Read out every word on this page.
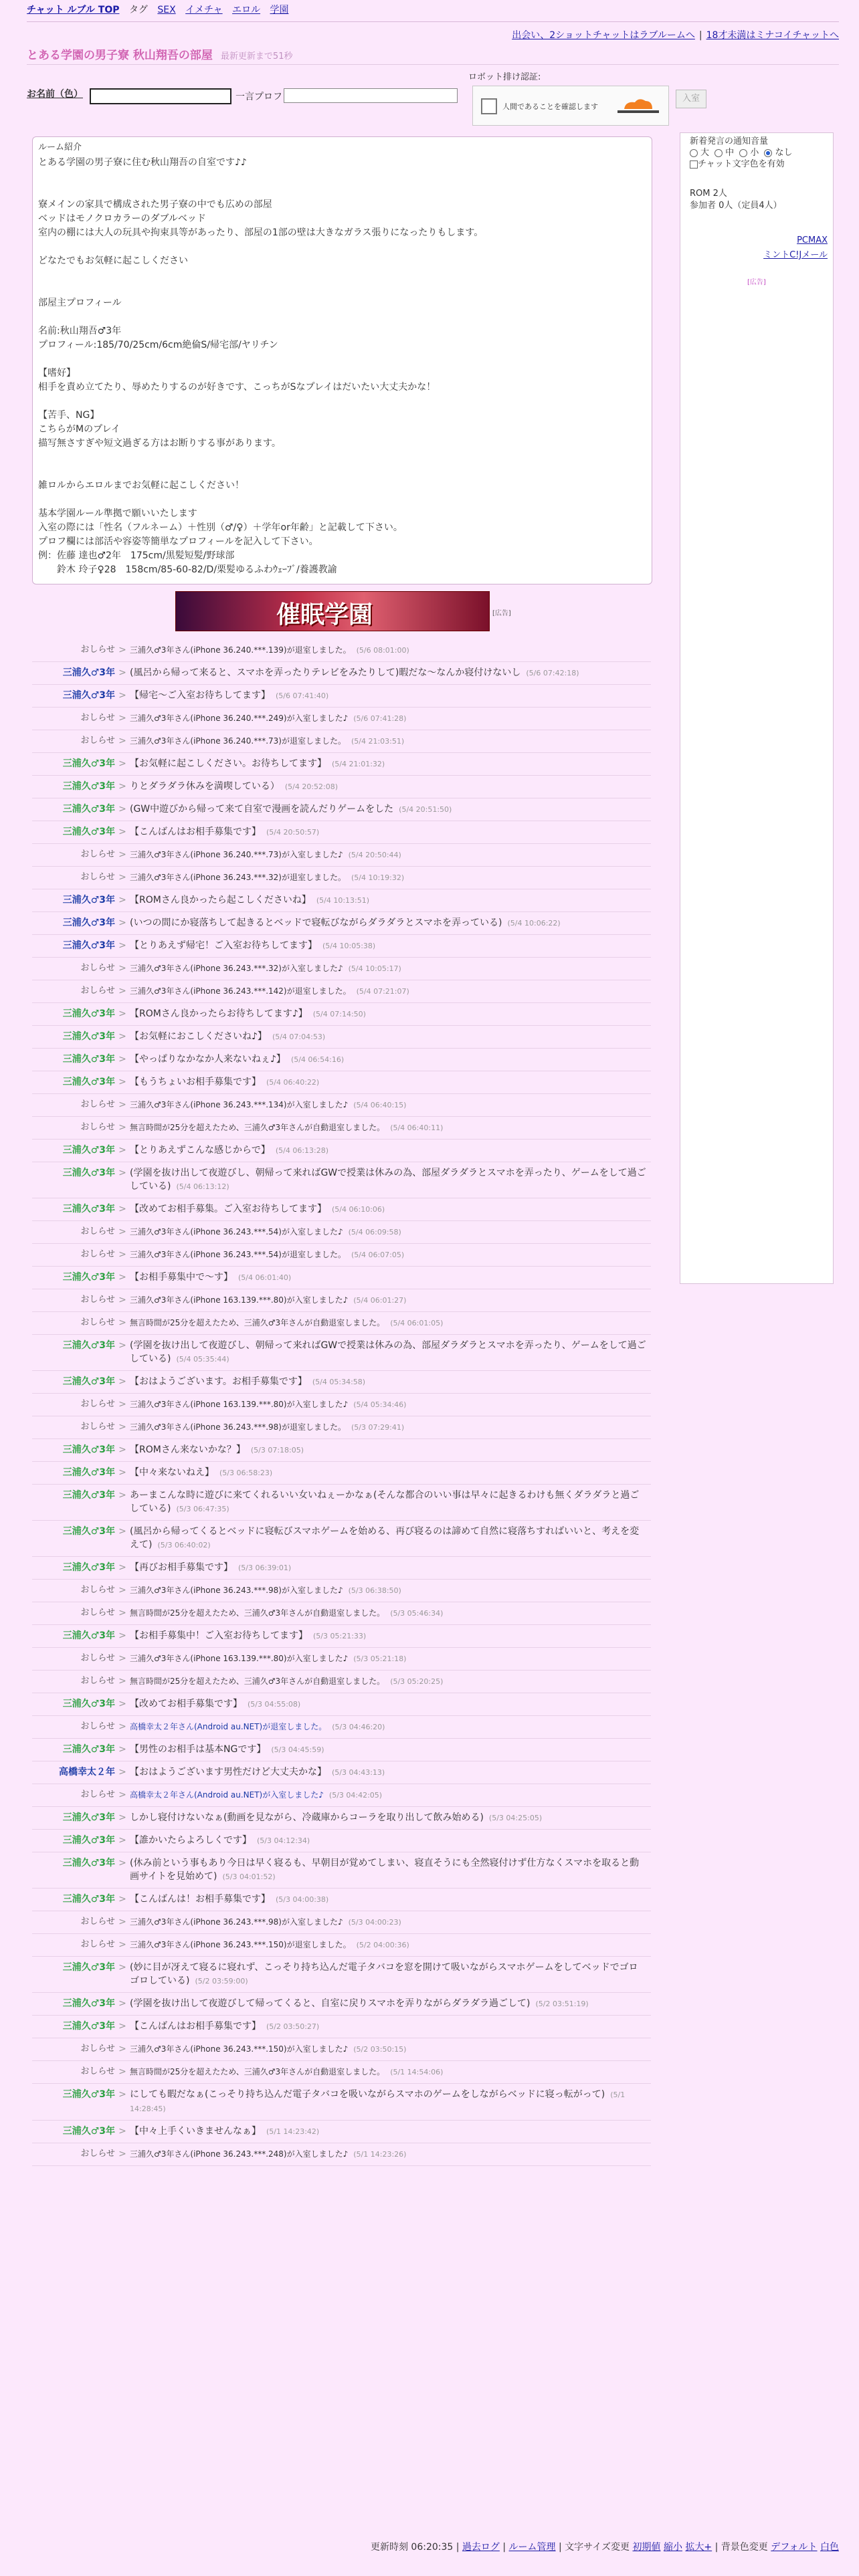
チャット ルブル TOP タグ SEX イメチャ エロル 学園
出会い、2ショットチャットはラブルームへ | 18才未満はミナコイチャットへ
とある学園の男子寮 秋山翔吾の部屋 最新更新まで51秒
お名前（色）	一言プロフ
ロボット排け認証:
人間であることを確認します
入室
ルーム紹介
とある学園の男子寮に住む秋山翔吾の自室です♪♪

寮メインの家具で構成された男子寮の中でも広めの部屋
ベッドはモノクロカラーのダブルベッド
室内の棚には大人の玩具や拘束具等があったり、部屋の1部の壁は大きなガラス張りになったりもします。

どなたでもお気軽に起こしください

部屋主プロフィール

名前:秋山翔吾♂3年
プロフィール:185/70/25cm/6cm絶倫S/帰宅部/ヤリチン

【嗜好】
相手を責め立てたり、辱めたりするのが好きです、こっちがSなプレイはだいたい大丈夫かな！

【苦手、NG】
こちらがMのプレイ
描写無さすぎや短文過ぎる方はお断りする事があります。

雑ロルからエロルまでお気軽に起こしください！

基本学園ルール準拠で願いいたします
入室の際には「性名（フルネーム）＋性別（♂/♀）＋学年or年齢」と記載して下さい。
プロフ欄には部活や容姿等簡単なプロフィールを記入して下さい。
例：佐藤 達也♂2年　175cm/黒髪短髪/野球部
　　鈴木 玲子♀28　158cm/85-60-82/D/栗髪ゆるふわｳｪｰﾌﾞ/養護教諭
催眠学園	[広告]
新着発言の通知音量
大 中 小 なし
チャット文字色を有効
ROM 2人
参加者 0人（定員4人）
PCMAX
ミントC!Jメール
[広告]
おしらせ > 三浦久♂3年さん(iPhone 36.240.***.139)が退室しました。 (5/6 08:01:00)
三浦久♂3年 > (風呂から帰って来ると、スマホを弄ったりテレビをみたりして)暇だな〜なんか寝付けないし (5/6 07:42:18)
三浦久♂3年 > 【帰宅〜ご入室お待ちしてます】 (5/6 07:41:40)
おしらせ > 三浦久♂3年さん(iPhone 36.240.***.249)が入室しました♪ (5/6 07:41:28)
おしらせ > 三浦久♂3年さん(iPhone 36.240.***.73)が退室しました。 (5/4 21:03:51)
三浦久♂3年 > 【お気軽に起こしください。お待ちしてます】 (5/4 21:01:32)
三浦久♂3年 > りとダラダラ休みを満喫している） (5/4 20:52:08)
三浦久♂3年 > (GW中遊びから帰って来て自室で漫画を読んだりゲームをした (5/4 20:51:50)
三浦久♂3年 > 【こんばんはお相手募集です】 (5/4 20:50:57)
おしらせ > 三浦久♂3年さん(iPhone 36.240.***.73)が入室しました♪ (5/4 20:50:44)
おしらせ > 三浦久♂3年さん(iPhone 36.243.***.32)が退室しました。 (5/4 10:19:32)
三浦久♂3年 > 【ROMさん良かったら起こしくださいね】 (5/4 10:13:51)
三浦久♂3年 > (いつの間にか寝落ちして起きるとベッドで寝転びながらダラダラとスマホを弄っている) (5/4 10:06:22)
三浦久♂3年 > 【とりあえず帰宅！ご入室お待ちしてます】 (5/4 10:05:38)
おしらせ > 三浦久♂3年さん(iPhone 36.243.***.32)が入室しました♪ (5/4 10:05:17)
おしらせ > 三浦久♂3年さん(iPhone 36.243.***.142)が退室しました。 (5/4 07:21:07)
三浦久♂3年 > 【ROMさん良かったらお待ちしてます♪】 (5/4 07:14:50)
三浦久♂3年 > 【お気軽におこしくださいね♪】 (5/4 07:04:53)
三浦久♂3年 > 【やっぱりなかなか人来ないねぇ♪】 (5/4 06:54:16)
三浦久♂3年 > 【もうちょいお相手募集です】 (5/4 06:40:22)
おしらせ > 三浦久♂3年さん(iPhone 36.243.***.134)が入室しました♪ (5/4 06:40:15)
おしらせ > 無言時間が25分を超えたため、三浦久♂3年さんが自動退室しました。 (5/4 06:40:11)
三浦久♂3年 > 【とりあえずこんな感じからで】 (5/4 06:13:28)
三浦久♂3年 > (学園を抜け出して夜遊びし、朝帰って来ればGWで授業は休みの為、部屋ダラダラとスマホを弄ったり、ゲームをして過ごしている) (5/4 06:13:12)
三浦久♂3年 > 【改めてお相手募集。ご入室お待ちしてます】 (5/4 06:10:06)
おしらせ > 三浦久♂3年さん(iPhone 36.243.***.54)が入室しました♪ (5/4 06:09:58)
おしらせ > 三浦久♂3年さん(iPhone 36.243.***.54)が退室しました。 (5/4 06:07:05)
三浦久♂3年 > 【お相手募集中で〜す】 (5/4 06:01:40)
おしらせ > 三浦久♂3年さん(iPhone 163.139.***.80)が入室しました♪ (5/4 06:01:27)
おしらせ > 無言時間が25分を超えたため、三浦久♂3年さんが自動退室しました。 (5/4 06:01:05)
三浦久♂3年 > (学園を抜け出して夜遊びし、朝帰って来ればGWで授業は休みの為、部屋ダラダラとスマホを弄ったり、ゲームをして過ごしている) (5/4 05:35:44)
三浦久♂3年 > 【おはようございます。お相手募集です】 (5/4 05:34:58)
おしらせ > 三浦久♂3年さん(iPhone 163.139.***.80)が入室しました♪ (5/4 05:34:46)
おしらせ > 三浦久♂3年さん(iPhone 36.243.***.98)が退室しました。 (5/3 07:29:41)
三浦久♂3年 > 【ROMさん来ないかな？】 (5/3 07:18:05)
三浦久♂3年 > 【中々来ないねえ】 (5/3 06:58:23)
三浦久♂3年 > あーまこんな時に遊びに来てくれるいい女いねぇーかなぁ(そんな都合のいい事は早々に起きるわけも無くダラダラと過ごしている) (5/3 06:47:35)
三浦久♂3年 > (風呂から帰ってくるとベッドに寝転びスマホゲームを始める、再び寝るのは諦めて自然に寝落ちすればいいと、考えを変えて) (5/3 06:40:02)
三浦久♂3年 > 【再びお相手募集です】 (5/3 06:39:01)
おしらせ > 三浦久♂3年さん(iPhone 36.243.***.98)が入室しました♪ (5/3 06:38:50)
おしらせ > 無言時間が25分を超えたため、三浦久♂3年さんが自動退室しました。 (5/3 05:46:34)
三浦久♂3年 > 【お相手募集中！ご入室お待ちしてます】 (5/3 05:21:33)
おしらせ > 三浦久♂3年さん(iPhone 163.139.***.80)が入室しました♪ (5/3 05:21:18)
おしらせ > 無言時間が25分を超えたため、三浦久♂3年さんが自動退室しました。 (5/3 05:20:25)
三浦久♂3年 > 【改めてお相手募集です】 (5/3 04:55:08)
おしらせ > 高橋幸太２年さん(Android au.NET)が退室しました。 (5/3 04:46:20)
三浦久♂3年 > 【男性のお相手は基本NGです】 (5/3 04:45:59)
高橋幸太２年 > 【おはようございます男性だけど大丈夫かな】 (5/3 04:43:13)
おしらせ > 高橋幸太２年さん(Android au.NET)が入室しました♪ (5/3 04:42:05)
三浦久♂3年 > しかし寝付けないなぁ(動画を見ながら、冷蔵庫からコーラを取り出して飲み始める) (5/3 04:25:05)
三浦久♂3年 > 【誰かいたらよろしくです】 (5/3 04:12:34)
三浦久♂3年 > (休み前という事もあり今日は早く寝るも、早朝目が覚めてしまい、寝直そうにも全然寝付けず仕方なくスマホを取ると動画サイトを見始めて) (5/3 04:01:52)
三浦久♂3年 > 【こんばんは！お相手募集です】 (5/3 04:00:38)
おしらせ > 三浦久♂3年さん(iPhone 36.243.***.98)が入室しました♪ (5/3 04:00:23)
おしらせ > 三浦久♂3年さん(iPhone 36.243.***.150)が退室しました。 (5/2 04:00:36)
三浦久♂3年 > (妙に目が冴えて寝るに寝れず、こっそり持ち込んだ電子タバコを窓を開けて吸いながらスマホゲームをしてベッドでゴロゴロしている) (5/2 03:59:00)
三浦久♂3年 > (学園を抜け出して夜遊びして帰ってくると、自室に戻りスマホを弄りながらダラダラ過ごして) (5/2 03:51:19)
三浦久♂3年 > 【こんばんはお相手募集です】 (5/2 03:50:27)
おしらせ > 三浦久♂3年さん(iPhone 36.243.***.150)が入室しました♪ (5/2 03:50:15)
おしらせ > 無言時間が25分を超えたため、三浦久♂3年さんが自動退室しました。 (5/1 14:54:06)
三浦久♂3年 > にしても暇だなぁ(こっそり持ち込んだ電子タバコを吸いながらスマホのゲームをしながらベッドに寝っ転がって) (5/1 14:28:45)
三浦久♂3年 > 【中々上手くいきませんなぁ】 (5/1 14:23:42)
おしらせ > 三浦久♂3年さん(iPhone 36.243.***.248)が入室しました♪ (5/1 14:23:26)
更新時刻 06:20:35 | 過去ログ | ルーム管理 | 文字サイズ変更 初期値 縮小 拡大+ | 背景色変更 デフォルト 白色
